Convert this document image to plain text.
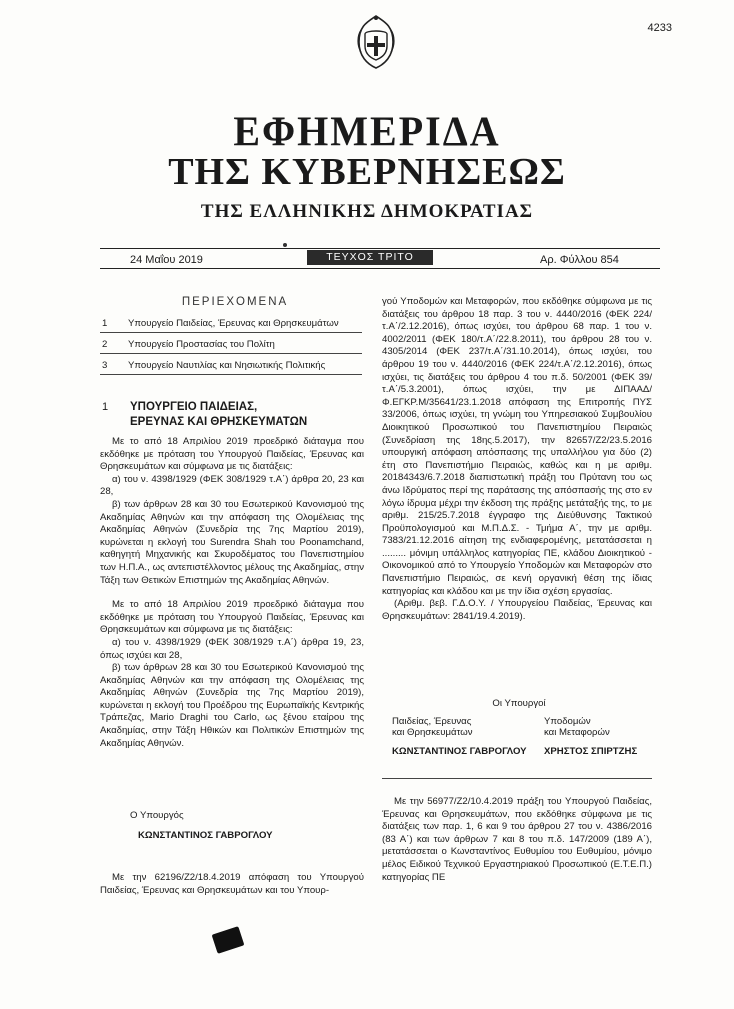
4233
ΕΦΗΜΕΡΙΔΑ
ΤΗΣ ΚΥΒΕΡΝΗΣΕΩΣ
ΤΗΣ ΕΛΛΗΝΙΚΗΣ ΔΗΜΟΚΡΑΤΙΑΣ
24 Μαΐου 2019	ΤΕΥΧΟΣ ΤΡΙΤΟ	Αρ. Φύλλου 854
ΠΕΡΙΕΧΟΜΕΝΑ
1 Υπουργείο Παιδείας, Έρευνας και Θρησκευμάτων
2 Υπουργείο Προστασίας του Πολίτη
3 Υπουργείο Ναυτιλίας και Νησιωτικής Πολιτικής
1 ΥΠΟΥΡΓΕΙΟ ΠΑΙΔΕΙΑΣ,
ΕΡΕΥΝΑΣ ΚΑΙ ΘΡΗΣΚΕΥΜΑΤΩΝ

Με το από 18 Απριλίου 2019 προεδρικό διάταγμα που εκδόθηκε με πρόταση του Υπουργού Παιδείας, Έρευνας και Θρησκευμάτων και σύμφωνα με τις διατάξεις:

α) του ν. 4398/1929 (ΦΕΚ 308/1929 τ.Α΄) άρθρα 20, 23 και 28,

β) των άρθρων 28 και 30 του Εσωτερικού Κανονισμού της Ακαδημίας Αθηνών και την απόφαση της Ολομέλειας της Ακαδημίας Αθηνών (Συνεδρία της 7ης Μαρτίου 2019), κυρώνεται η εκλογή του Surendra Shah του Poonamchand, καθηγητή Μηχανικής και Σκυροδέματος του Πανεπιστημίου των Η.Π.Α., ως αντεπιστέλλοντος μέλους της Ακαδημίας, στην Τάξη των Θετικών Επιστημών της Ακαδημίας Αθηνών.

Με το από 18 Απριλίου 2019 προεδρικό διάταγμα που εκδόθηκε με πρόταση του Υπουργού Παιδείας, Έρευνας και Θρησκευμάτων και σύμφωνα με τις διατάξεις:

α) του ν. 4398/1929 (ΦΕΚ 308/1929 τ.Α΄) άρθρα 19, 23, όπως ισχύει και 28,

β) των άρθρων 28 και 30 του Εσωτερικού Κανονισμού της Ακαδημίας Αθηνών και την απόφαση της Ολομέλειας της Ακαδημίας Αθηνών (Συνεδρία της 7ης Μαρτίου 2019), κυρώνεται η εκλογή του Προέδρου της Ευρωπαϊκής Κεντρικής Τράπεζας, Mario Draghi του Carlo, ως ξένου εταίρου της Ακαδημίας, στην Τάξη Ηθικών και Πολιτικών Επιστημών της Ακαδημίας Αθηνών.

Ο Υπουργός
ΚΩΝΣΤΑΝΤΙΝΟΣ ΓΑΒΡΟΓΛΟΥ

Με την 62196/Ζ2/18.4.2019 απόφαση του Υπουργού Παιδείας, Έρευνας και Θρησκευμάτων και του Υπουρ-

γού Υποδομών και Μεταφορών, που εκδόθηκε σύμφωνα με τις διατάξεις του άρθρου 18 παρ. 3 του ν. 4440/2016 (ΦΕΚ 224/τ.Α΄/2.12.2016), όπως ισχύει, του άρθρου 68 παρ. 1 του ν. 4002/2011 (ΦΕΚ 180/τ.Α΄/22.8.2011), του άρθρου 28 του ν. 4305/2014 (ΦΕΚ 237/τ.Α΄/31.10.2014), όπως ισχύει, του άρθρου 19 του ν. 4440/2016 (ΦΕΚ 224/τ.Α΄/2.12.2016), όπως ισχύει, τις διατάξεις του άρθρου 4 του π.δ. 50/2001 (ΦΕΚ 39/τ.Α΄/5.3.2001), όπως ισχύει, την με ΔΙΠΑΑΔ/Φ.ΕΓΚΡ.Μ/35641/23.1.2018 απόφαση της Επιτροπής ΠΥΣ 33/2006, όπως ισχύει, τη γνώμη του Υπηρεσιακού Συμβουλίου Διοικητικού Προσωπικού του Πανεπιστημίου Πειραιώς (Συνεδρίαση της 18ης.5.2017), την 82657/Ζ2/23.5.2016 υπουργική απόφαση απόσπασης της υπαλλήλου για δύο (2) έτη στο Πανεπιστήμιο Πειραιώς, καθώς και η με αριθμ. 20184343/6.7.2018 διαπιστωτική πράξη του Πρύτανη του ως άνω Ιδρύματος περί της παράτασης της απόσπασής της στο εν λόγω ίδρυμα μέχρι την έκδοση της πράξης μετάταξής της, το με αριθμ. 215/25.7.2018 έγγραφο της Διεύθυνσης Τακτικού Προϋπολογισμού και Μ.Π.Δ.Σ. - Τμήμα Α΄, την με αριθμ. 7383/21.12.2016 αίτηση της ενδιαφερομένης, μετατάσσεται η ......... μόνιμη υπάλληλος κατηγορίας ΠΕ, κλάδου Διοικητικού - Οικονομικού από το Υπουργείο Υποδομών και Μεταφορών στο Πανεπιστήμιο Πειραιώς, σε κενή οργανική θέση της ίδιας κατηγορίας και κλάδου και με την ίδια σχέση εργασίας.

(Αριθμ. βεβ. Γ.Δ.Ο.Υ. / Υπουργείου Παιδείας, Έρευνας και Θρησκευμάτων: 2841/19.4.2019).

Οι Υπουργοί
Παιδείας, Έρευνας
και Θρησκευμάτων
ΚΩΝΣΤΑΝΤΙΝΟΣ ΓΑΒΡΟΓΛΟΥ
Υποδομών
και Μεταφορών
ΧΡΗΣΤΟΣ ΣΠΙΡΤΖΗΣ

Με την 56977/Ζ2/10.4.2019 πράξη του Υπουργού Παιδείας, Έρευνας και Θρησκευμάτων, που εκδόθηκε σύμφωνα με τις διατάξεις των παρ. 1, 6 και 9 του άρθρου 27 του ν. 4386/2016 (83 Α΄) και των άρθρων 7 και 8 του π.δ. 147/2009 (189 Α΄), μετατάσσεται ο Κωνσταντίνος Ευθυμίου του Ευθυμίου, μόνιμο μέλος Ειδικού Τεχνικού Εργαστηριακού Προσωπικού (Ε.Τ.Ε.Π.) κατηγορίας ΠΕ
